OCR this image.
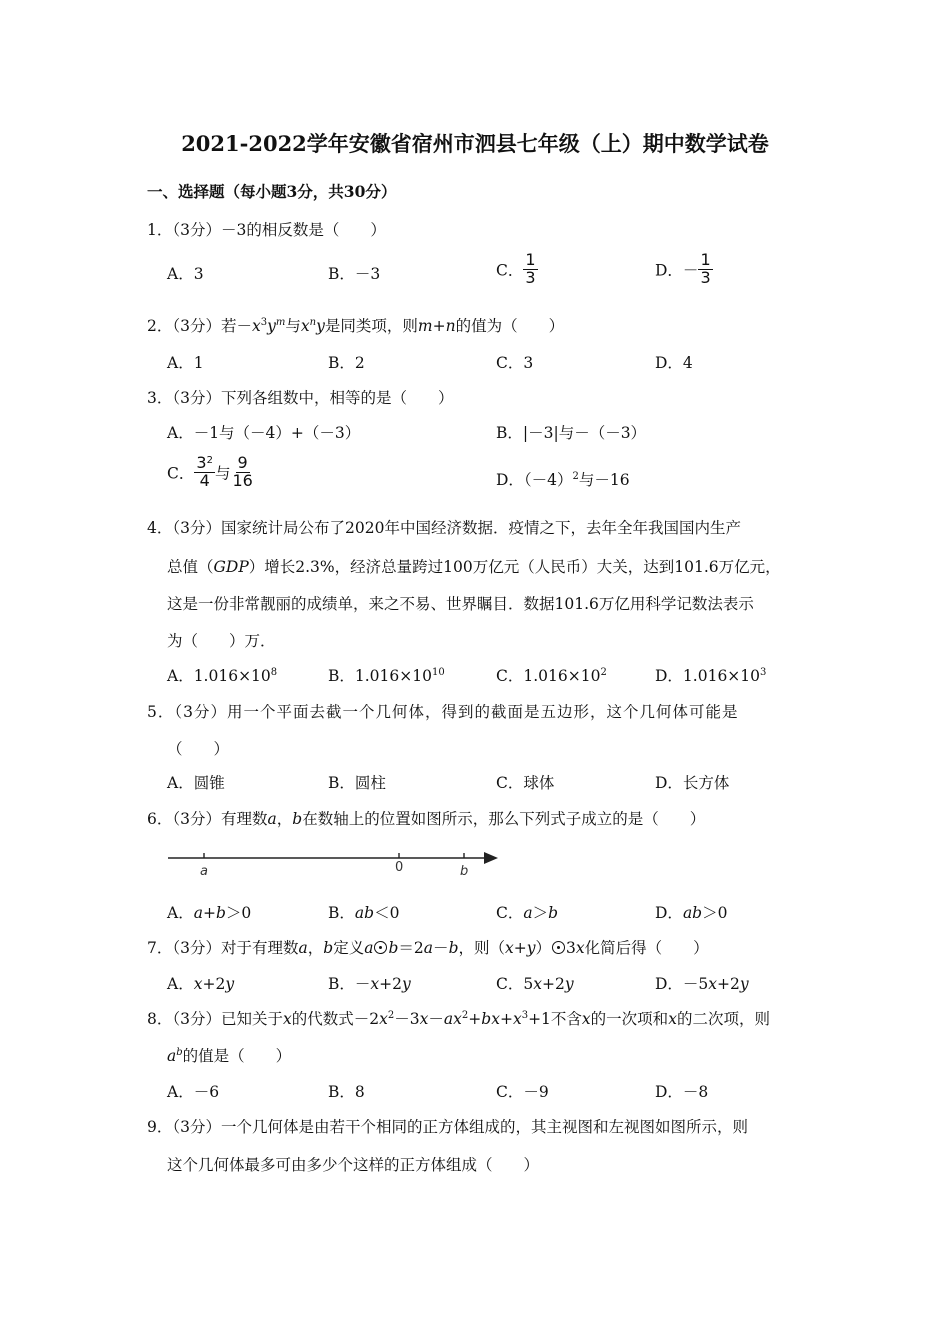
2021-2022学年安徽省宿州市泗县七年级（上）期中数学试卷
一、选择题（每小题3分，共30分）
1．（3分）－3的相反数是（　　）
A．3	B．－3	C． $\frac{1}{3}$	D．－ $\frac{1}{3}$
2．（3分）若$-x^3y^m$与$x^ny$是同类项，则m+n的值为（　　）
A．1	B．2	C．3	D．4
3．（3分）下列各组数中，相等的是（　　）
A．－1与（－4）+（－3）	B．|－3|与－（－3）
C． $\frac{3^2}{4}$ 与 $\frac{9}{16}$	D．$(-4)^2$与－16
4．（3分）国家统计局公布了2020年中国经济数据．疫情之下，去年全年我国国内生产
总值（GDP）增长2.3%，经济总量跨过100万亿元（人民币）大关，达到101.6万亿元，
这是一份非常靓丽的成绩单，来之不易、世界瞩目．数据101.6万亿用科学记数法表示
为（　　）万．
A．$1.016\times 10^8$	B．$1.016\times 10^{10}$	C．$1.016\times 10^2$	D．$1.016\times 10^3$
5．（3分）用一个平面去截一个几何体，得到的截面是五边形，这个几何体可能是
（　　）
A．圆锥	B．圆柱	C．球体	D．长方体
6．（3分）有理数a，b在数轴上的位置如图所示，那么下列式子成立的是（　　）
a	0	b
A．a+b＞0	B．ab＜0	C．a＞b	D．ab＞0
7．（3分）对于有理数a，b定义a b＝2a－b，则（x+y） 3x化简后得（　　）
A．x+2y	B．－x+2y	C．5x+2y	D．－5x+2y
8．（3分）已知关于x的代数式$-2x^2-3x-ax^2+bx+x^3+1$不含x的一次项和x的二次项，则
$a^b$的值是（　　）
A．－6	B．8	C．－9	D．－8
9．（3分）一个几何体是由若干个相同的正方体组成的，其主视图和左视图如图所示，则
这个几何体最多可由多少个这样的正方体组成（　　）
